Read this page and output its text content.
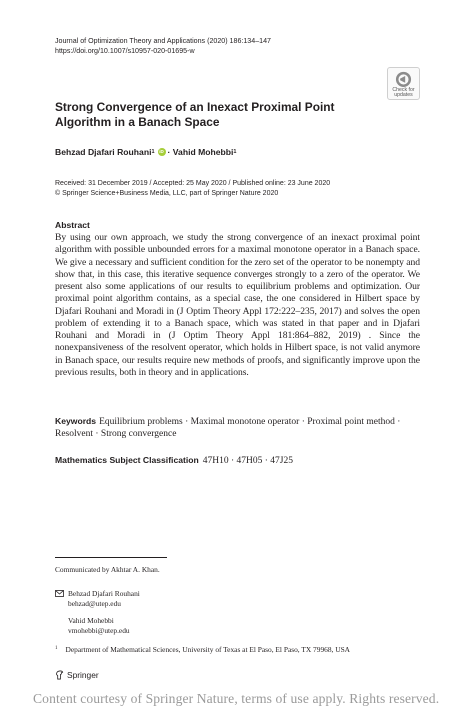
Journal of Optimization Theory and Applications (2020) 186:134–147
https://doi.org/10.1007/s10957-020-01695-w
Check for
updates
Strong Convergence of an Inexact Proximal Point Algorithm in a Banach Space
Behzad Djafari Rouhani 1	iD ·
Vahid Mohebbi 1
Received: 31 December 2019 / Accepted: 25 May 2020 / Published online: 23 June 2020
© Springer Science+Business Media, LLC, part of Springer Nature 2020
Abstract
By using our own approach, we study the strong convergence of an inexact proximal point algorithm with possible unbounded errors for a maximal monotone operator in a Banach space. We give a necessary and sufficient condition for the zero set of the operator to be nonempty and show that, in this case, this iterative sequence converges strongly to a zero of the operator. We present also some applications of our results to equilibrium problems and optimization. Our proximal point algorithm contains, as a special case, the one considered in Hilbert space by Djafari Rouhani and Moradi in (J Optim Theory Appl 172:222–235, 2017) and solves the open problem of extending it to a Banach space, which was stated in that paper and in Djafari Rouhani and Moradi in (J Optim Theory Appl 181:864–882, 2019) . Since the nonexpansiveness of the resolvent operator, which holds in Hilbert space, is not valid anymore in Banach space, our results require new methods of proofs, and significantly improve upon the previous results, both in theory and in applications.
Keywords Equilibrium problems · Maximal monotone operator · Proximal point method · Resolvent · Strong convergence
Mathematics Subject Classification 47H10 · 47H05 · 47J25
Communicated by Akhtar A. Khan.
Behzad Djafari Rouhani
behzad@utep.edu
Vahid Mohebbi
vmohebbi@utep.edu
$^1$ Department of Mathematical Sciences, University of Texas at El Paso, El Paso, TX 79968, USA
Springer
Content courtesy of Springer Nature, terms of use apply. Rights reserved.
